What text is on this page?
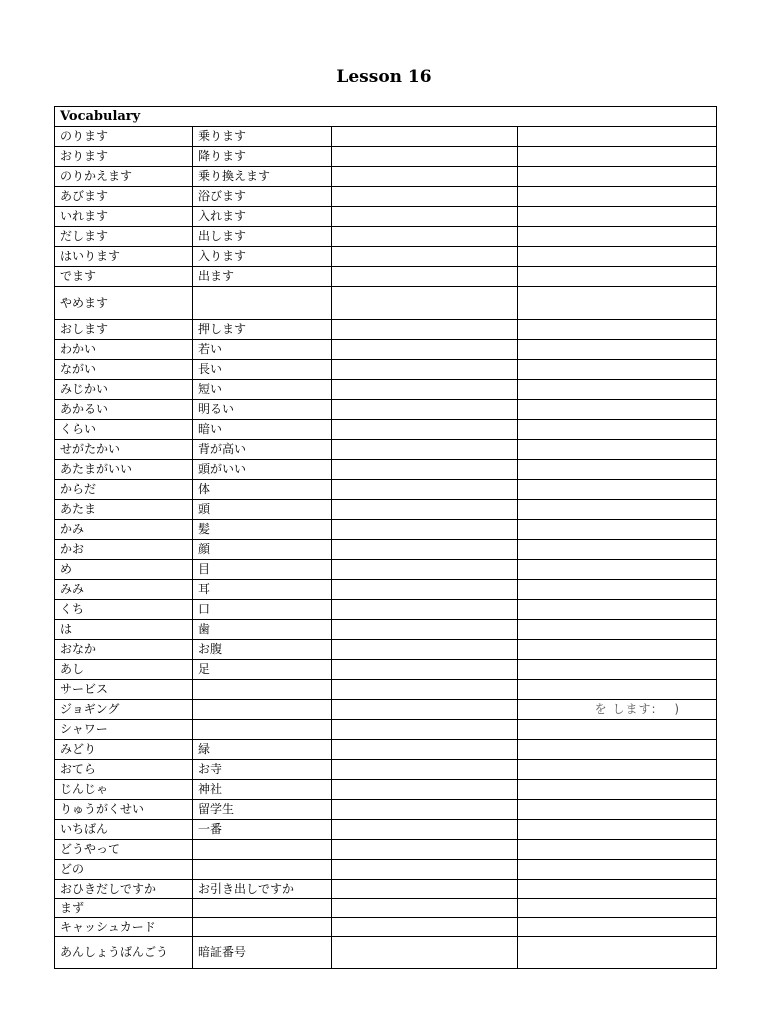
Lesson 16
Vocabulary			
のります	乗ります		
おります	降ります		
のりかえます	乗り換えます		
あびます	浴びます		
いれます	入れます		
だします	出します		
はいります	入ります		
でます	出ます		
やめます			
おします	押します		
わかい	若い		
ながい	長い		
みじかい	短い		
あかるい	明るい		
くらい	暗い		
せがたかい	背が高い		
あたまがいい	頭がいい		
からだ	体		
あたま	頭		
かみ	髪		
かお	顔		
め	目		
みみ	耳		
くち	口		
は	歯		
おなか	お腹		
あし	足		
サービス			
ジョギング			を します:　 )
シャワー			
みどり	緑		
おてら	お寺		
じんじゃ	神社		
りゅうがくせい	留学生		
いちばん	一番		
どうやって			
どの			
おひきだしですか	お引き出しですか		
まず			
キャッシュカード			
あんしょうばんごう	暗証番号		
